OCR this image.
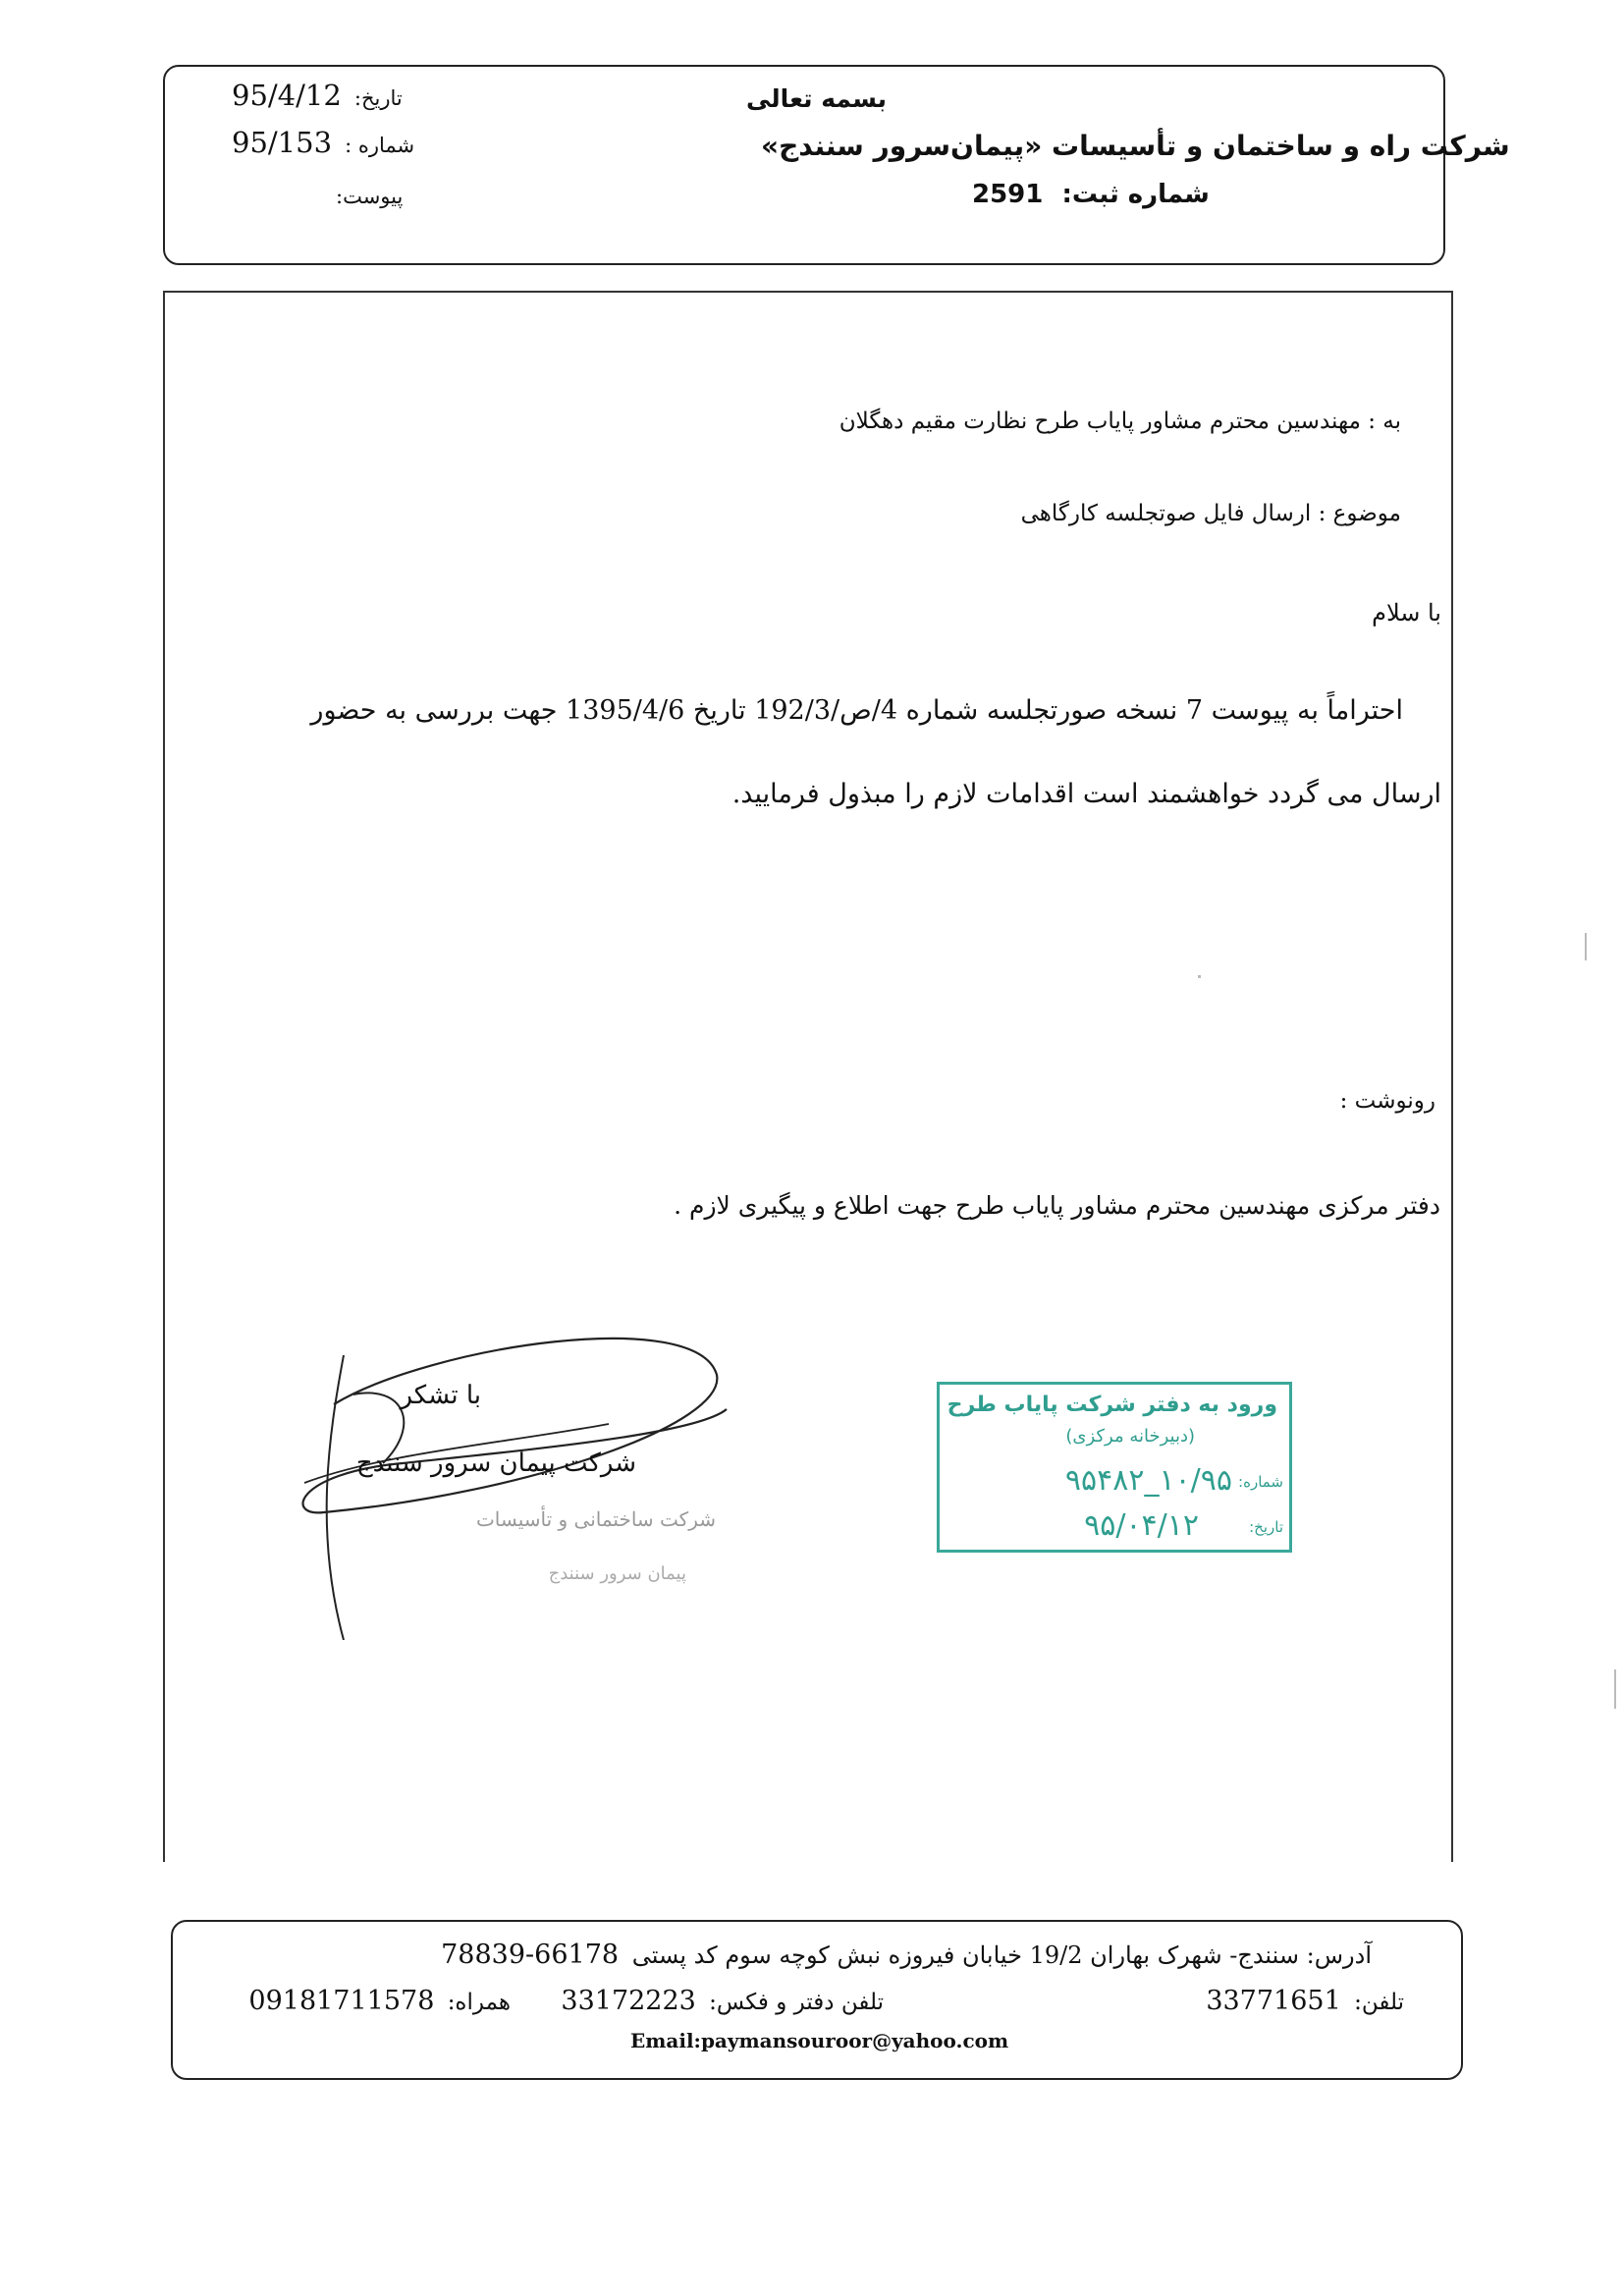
بسمه تعالی
شرکت راه و ساختمان و تأسیسات «پیمان‌سرور سنندج»
شماره ثبت: 2591
تاریخ: 95/4/12
شماره : 95/153
پیوست:
به : مهندسین محترم مشاور پایاب طرح نظارت مقیم دهگلان
موضوع : ارسال فایل صوتجلسه کارگاهی
با سلام
احتراماً به پیوست 7 نسخه صورتجلسه شماره 4/ص/192/3 تاریخ 1395/4/6 جهت بررسی به حضور
ارسال می گردد خواهشمند است اقدامات لازم را مبذول فرمایید.
رونوشت :
دفتر مرکزی مهندسین محترم مشاور پایاب طرح جهت اطلاع و پیگیری لازم .
با تشکر
شرکت پیمان سرور سنندج
شرکت ساختمانی و تأسیسات
پیمان سرور سنندج
ورود به دفتر شرکت پایاب طرح
(دبیرخانه مرکزی)
شماره:
۱۰/۹۵_۹۵۴۸۲
تاریخ:
۹۵/۰۴/۱۲
آدرس: سنندج- شهرک بهاران 19/2 خیابان فیروزه نبش کوچه سوم کد پستی 66178-78839
تلفن: 33771651
تلفن دفتر و فکس: 33172223
همراه: 09181711578
Email:paymansouroor@yahoo.com
